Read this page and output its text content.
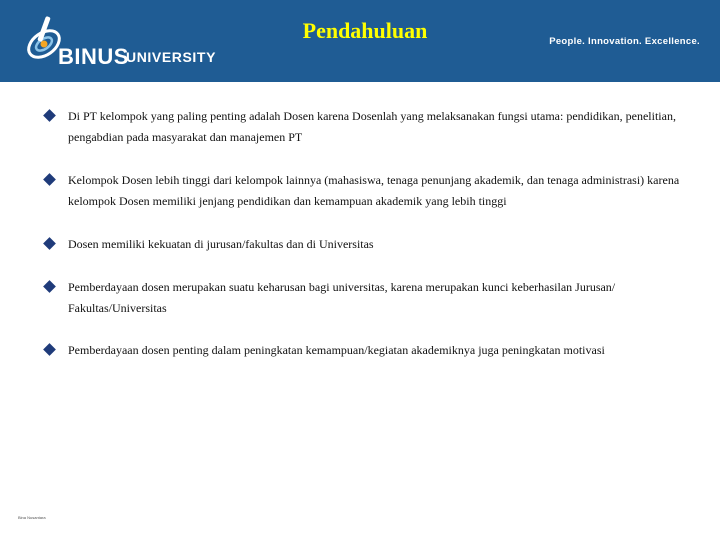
BINUS
UNIVERSITY
Pendahuluan	People. Innovation. Excellence.
Di PT kelompok yang paling penting adalah Dosen karena Dosenlah yang melaksanakan fungsi utama: pendidikan, penelitian, pengabdian pada masyarakat dan manajemen PT
Kelompok Dosen lebih tinggi dari kelompok lainnya (mahasiswa, tenaga penunjang akademik, dan tenaga administrasi) karena kelompok Dosen memiliki jenjang pendidikan dan kemampuan akademik yang lebih tinggi
Dosen memiliki kekuatan di jurusan/fakultas dan di Universitas
Pemberdayaan dosen merupakan suatu keharusan bagi universitas, karena merupakan kunci keberhasilan Jurusan/ Fakultas/Universitas
Pemberdayaan dosen penting dalam peningkatan kemampuan/kegiatan akademiknya juga peningkatan motivasi
Bina Nusantara
